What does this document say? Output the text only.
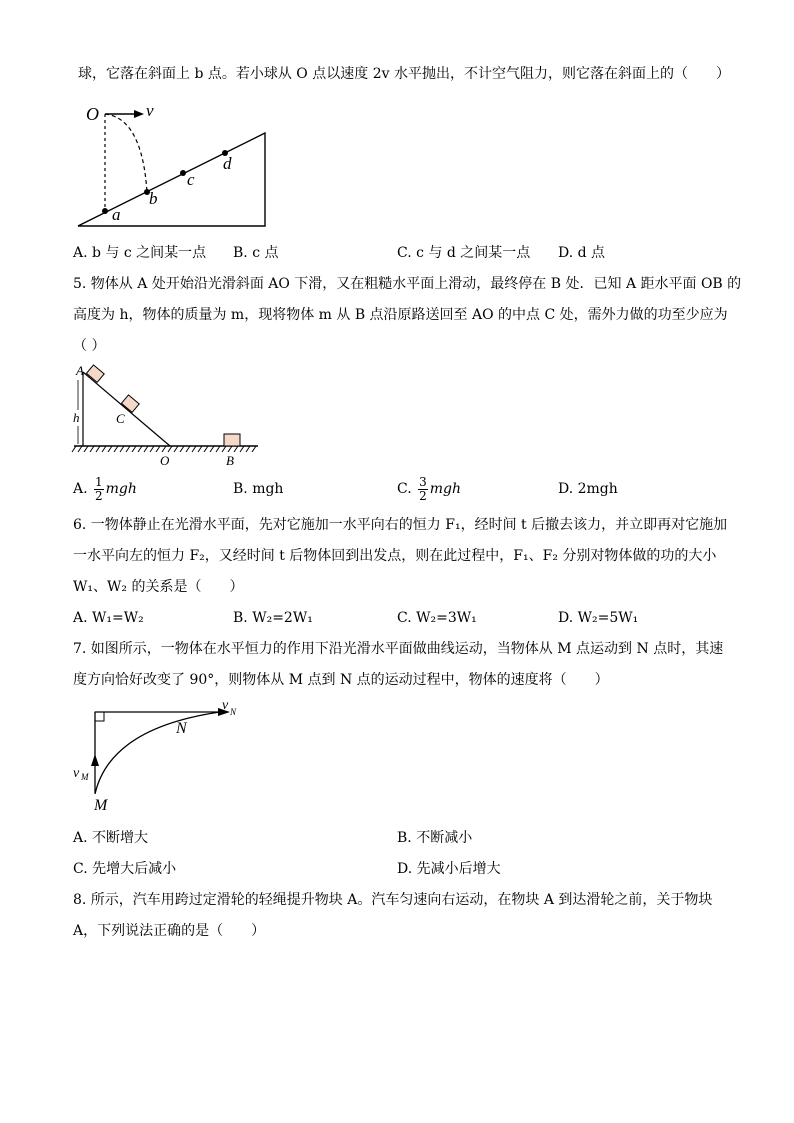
球，它落在斜面上 b 点。若小球从 O 点以速度 2v 水平抛出，不计空气阻力，则它落在斜面上的（　　）
O	v
a
b
c
d
A. b 与 c 之间某一点 B. c 点	C. c 与 d 之间某一点 D. d 点
5. 物体从 A 处开始沿光滑斜面 AO 下滑，又在粗糙水平面上滑动，最终停在 B 处．已知 A 距水平面 OB 的
高度为 h，物体的质量为 m，现将物体 m 从 B 点沿原路送回至 AO 的中点 C 处，需外力做的功至少应为
（ ）
A
C
h
O	B
A. $\frac{1}{2}$ mgh	B. mgh	C. $\frac{3}{2}$ mgh	D. 2mgh
6. 一物体静止在光滑水平面，先对它施加一水平向右的恒力 F₁，经时间 t 后撤去该力，并立即再对它施加
一水平向左的恒力 F₂，又经时间 t 后物体回到出发点，则在此过程中，F₁、F₂ 分别对物体做的功的大小
W₁、W₂ 的关系是（　　）
A. W₁=W₂	B. W₂=2W₁	C. W₂=3W₁	D. W₂=5W₁
7. 如图所示，一物体在水平恒力的作用下沿光滑水平面做曲线运动，当物体从 M 点运动到 N 点时，其速
度方向恰好改变了 90°，则物体从 M 点到 N 点的运动过程中，物体的速度将（　　）
v N
N
v M
M
A. 不断增大	B. 不断减小
C. 先增大后减小	D. 先减小后增大
8. 所示，汽车用跨过定滑轮的轻绳提升物块 A。汽车匀速向右运动，在物块 A 到达滑轮之前，关于物块
A，下列说法正确的是（　　）
